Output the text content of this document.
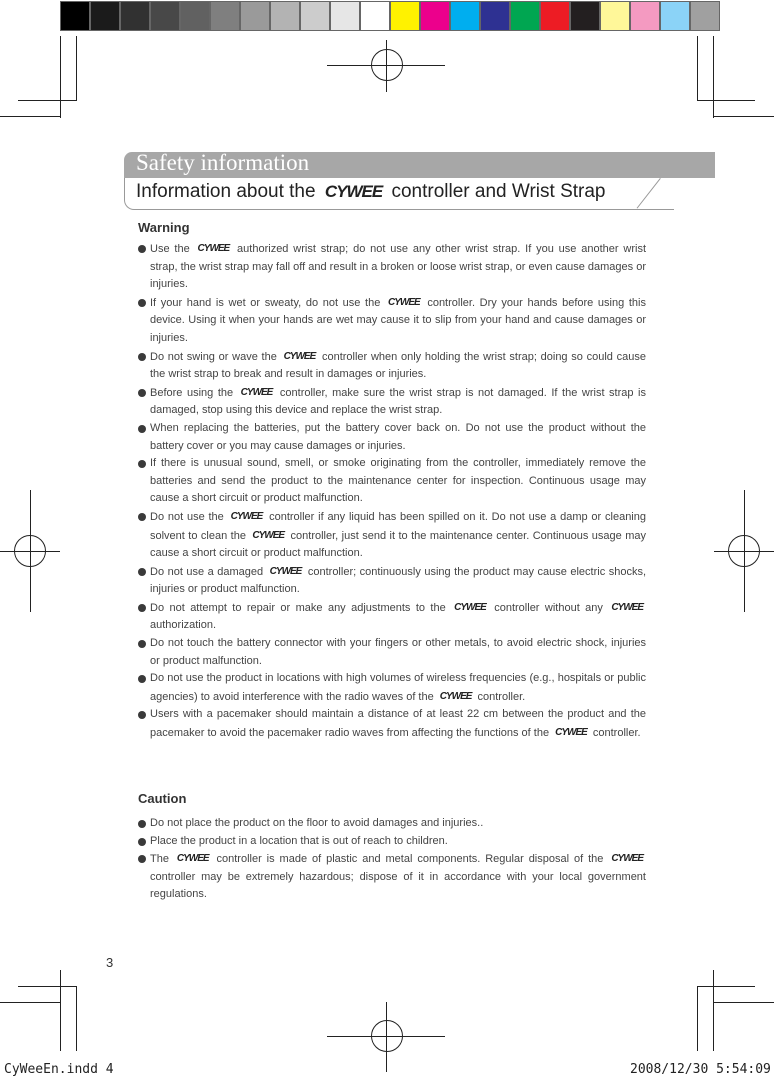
Safety information
Information about the CYWEE controller and Wrist Strap
Warning
Use the CYWEE authorized wrist strap; do not use any other wrist strap. If you use another wrist strap, the wrist strap may fall off and result in a broken or loose wrist strap, or even cause damages or injuries.
If your hand is wet or sweaty, do not use the CYWEE controller. Dry your hands before using this device. Using it when your hands are wet may cause it to slip from your hand and cause damages or injuries.
Do not swing or wave the CYWEE controller when only holding the wrist strap; doing so could cause the wrist strap to break and result in damages or injuries.
Before using the CYWEE controller, make sure the wrist strap is not damaged. If the wrist strap is damaged, stop using this device and replace the wrist strap.
When replacing the batteries, put the battery cover back on. Do not use the product without the battery cover or you may cause damages or injuries.
If there is unusual sound, smell, or smoke originating from the controller, immediately remove the batteries and send the product to the maintenance center for inspection. Continuous usage may cause a short circuit or product malfunction.
Do not use the CYWEE controller if any liquid has been spilled on it. Do not use a damp or cleaning solvent to clean the CYWEE controller, just send it to the maintenance center. Continuous usage may cause a short circuit or product malfunction.
Do not use a damaged CYWEE controller; continuously using the product may cause electric shocks, injuries or product malfunction.
Do not attempt to repair or make any adjustments to the CYWEE controller without any CYWEE authorization.
Do not touch the battery connector with your fingers or other metals, to avoid electric shock, injuries or product malfunction.
Do not use the product in locations with high volumes of wireless frequencies (e.g., hospitals or public agencies) to avoid interference with the radio waves of the CYWEE controller.
Users with a pacemaker should maintain a distance of at least 22 cm between the product and the pacemaker to avoid the pacemaker radio waves from affecting the functions of the CYWEE controller.
Caution
Do not place the product on the floor to avoid damages and injuries..
Place the product in a location that is out of reach to children.
The CYWEE controller is made of plastic and metal components. Regular disposal of the CYWEE controller may be extremely hazardous; dispose of it in accordance with your local government regulations.
3
CyWeeEn.indd 4	2008/12/30 5:54:09
